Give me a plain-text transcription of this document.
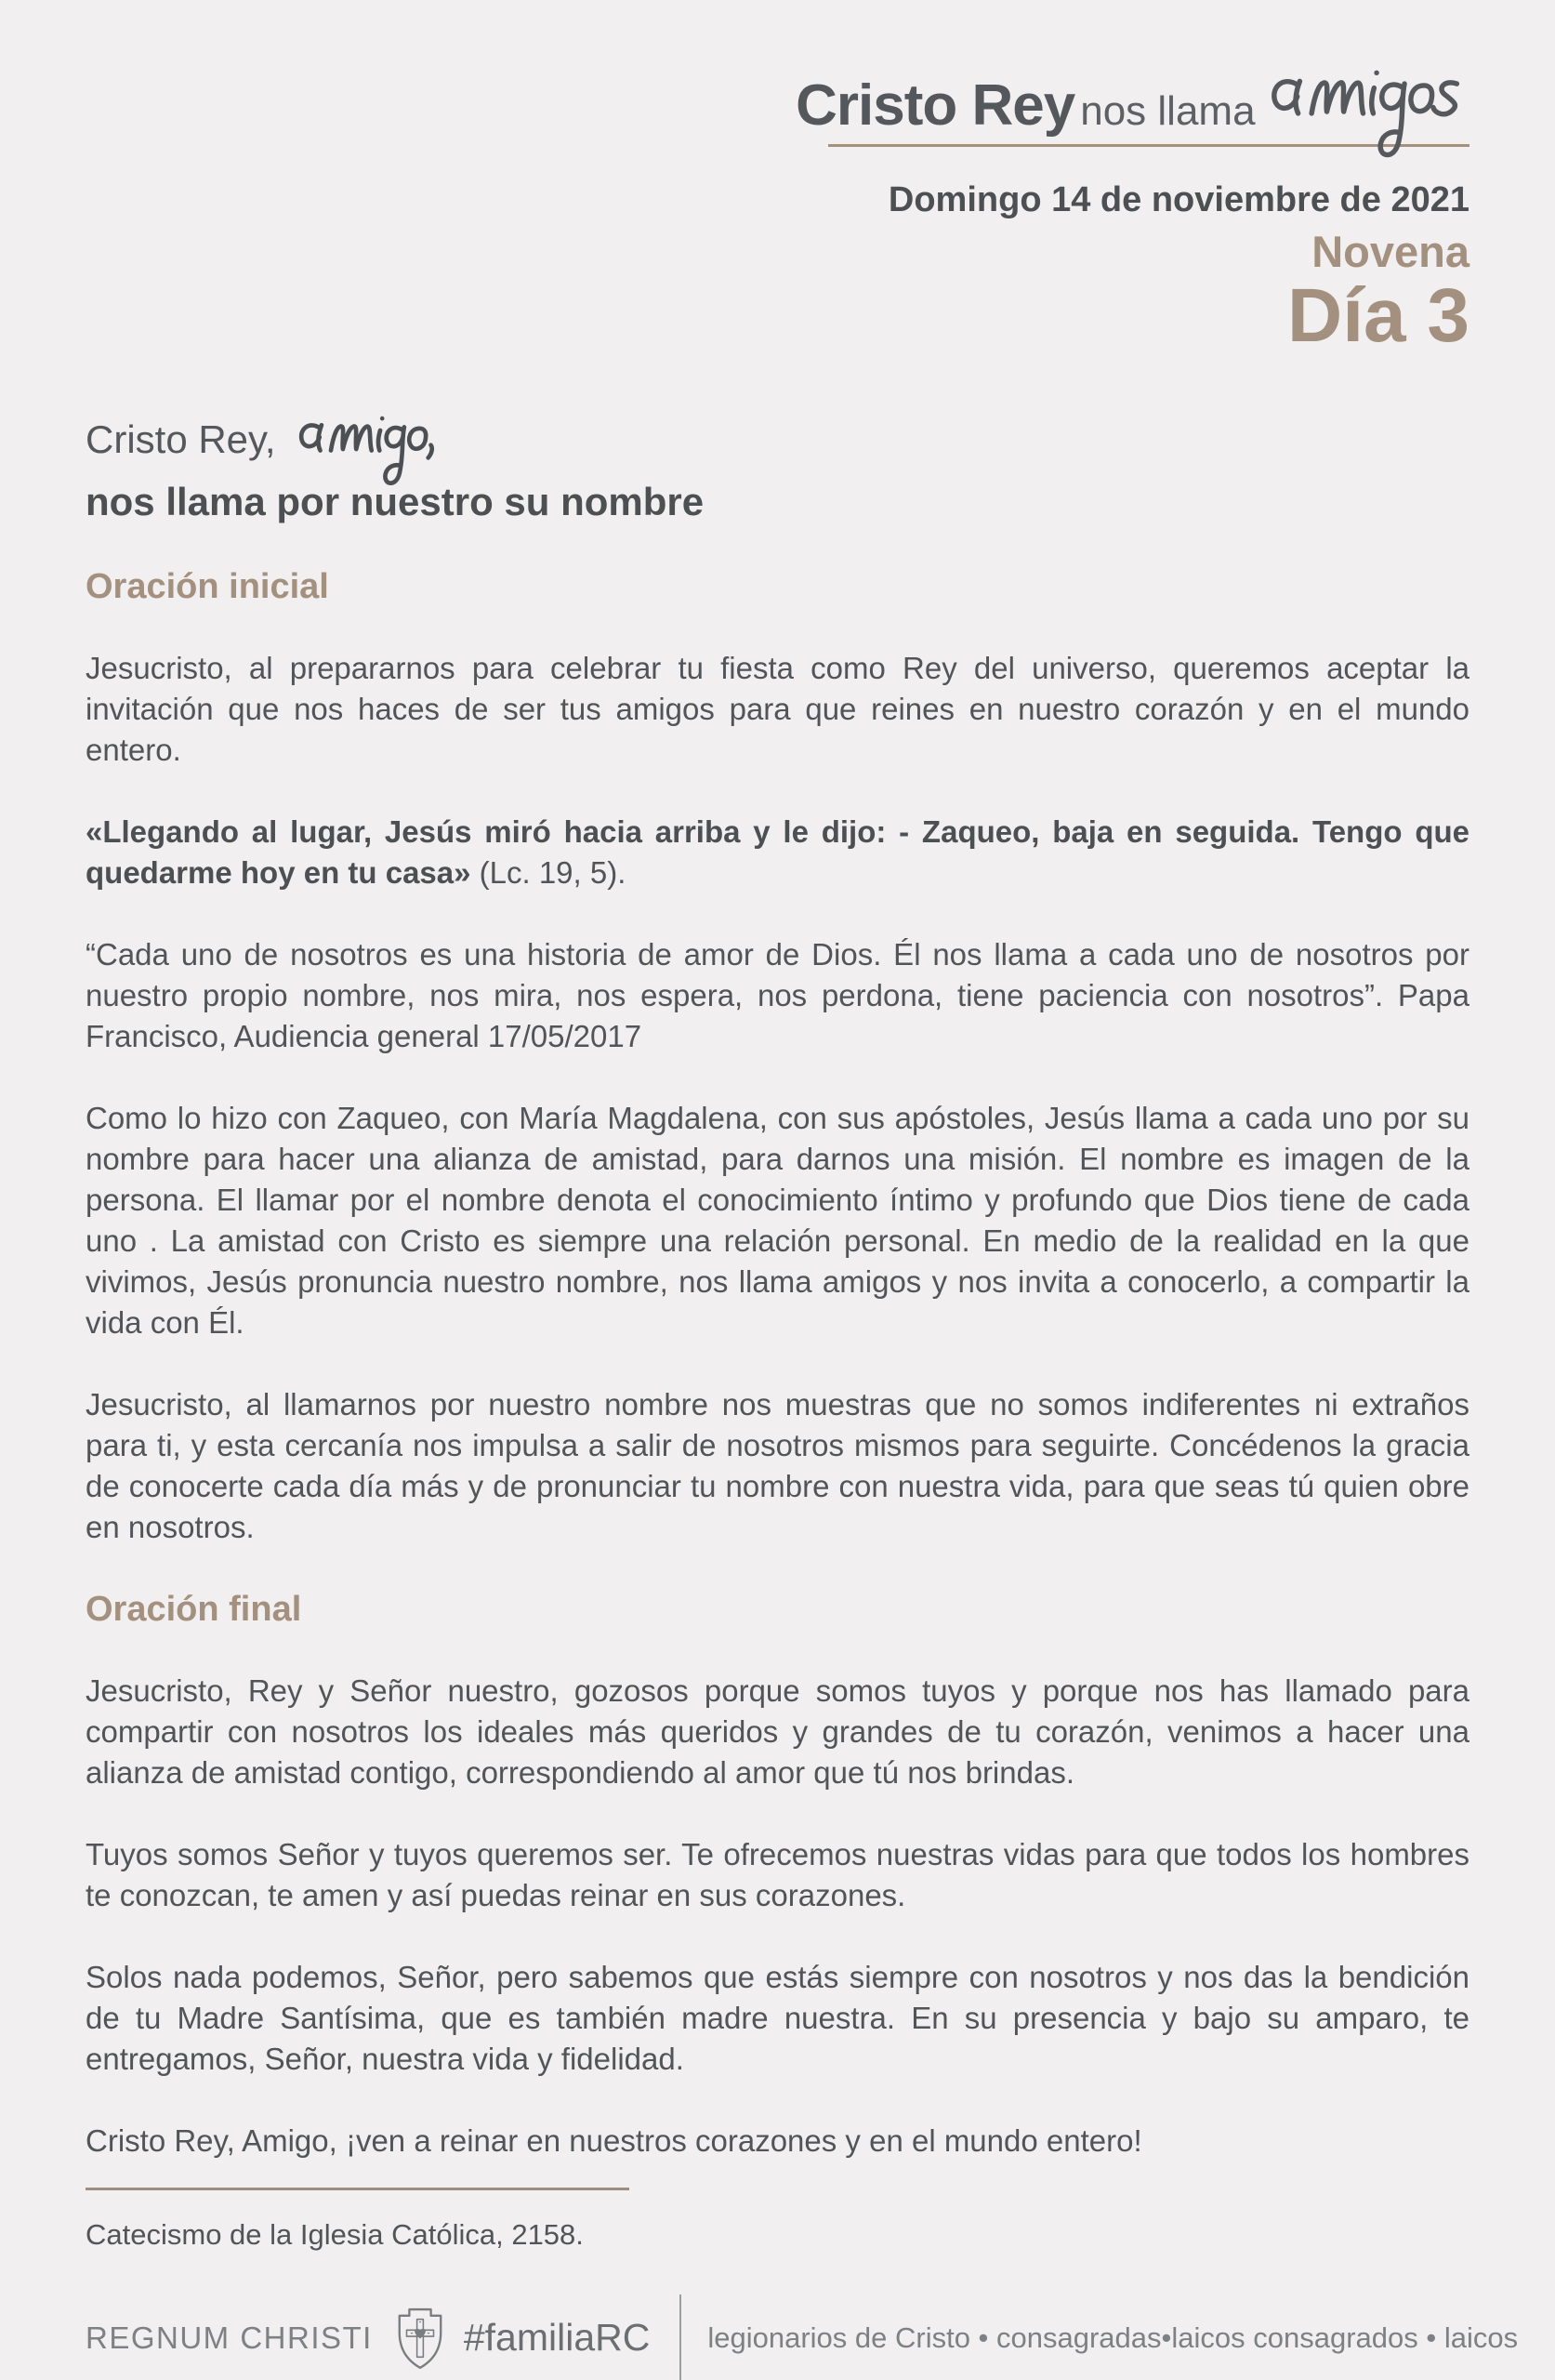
Cristo Rey nos llama
Domingo 14 de noviembre de 2021
Novena
Día 3
Cristo Rey,
nos llama por nuestro su nombre
Oración inicial

Jesucristo, al prepararnos para celebrar tu fiesta como Rey del universo, queremos aceptar la invitación que nos haces de ser tus amigos para que reines en nuestro corazón y en el mundo entero.

«Llegando al lugar, Jesús miró hacia arriba y le dijo: - Zaqueo, baja en seguida. Tengo que quedarme hoy en tu casa» (Lc. 19, 5).

“Cada uno de nosotros es una historia de amor de Dios. Él nos llama a cada uno de nosotros por nuestro propio nombre, nos mira, nos espera, nos perdona, tiene paciencia con nosotros”. Papa Francisco, Audiencia general 17/05/2017

Como lo hizo con Zaqueo, con María Magdalena, con sus apóstoles, Jesús llama a cada uno por su nombre para hacer una alianza de amistad, para darnos una misión. El nombre es imagen de la persona. El llamar por el nombre denota el conocimiento íntimo y profundo que Dios tiene de cada uno . La amistad con Cristo es siempre una relación personal. En medio de la realidad en la que vivimos, Jesús pronuncia nuestro nombre, nos llama amigos y nos invita a conocerlo, a compartir la vida con Él.

Jesucristo, al llamarnos por nuestro nombre nos muestras que no somos indiferentes ni extraños para ti, y esta cercanía nos impulsa a salir de nosotros mismos para seguirte. Concédenos la gracia de conocerte cada día más y de pronunciar tu nombre con nuestra vida, para que seas tú quien obre en nosotros.

Oración final

Jesucristo, Rey y Señor nuestro, gozosos porque somos tuyos y porque nos has llamado para compartir con nosotros los ideales más queridos y grandes de tu corazón, venimos a hacer una alianza de amistad contigo, correspondiendo al amor que tú nos brindas.

Tuyos somos Señor y tuyos queremos ser. Te ofrecemos nuestras vidas para que todos los hombres te conozcan, te amen y así puedas reinar en sus corazones.

Solos nada podemos, Señor, pero sabemos que estás siempre con nosotros y nos das la bendición de tu Madre Santísima, que es también madre nuestra. En su presencia y bajo su amparo, te entregamos, Señor, nuestra vida y fidelidad.

Cristo Rey, Amigo, ¡ven a reinar en nuestros corazones y en el mundo entero!

Catecismo de la Iglesia Católica, 2158.
REGNUM CHRISTI #familiaRC legionarios de Cristo • consagradas•laicos consagrados • laicos
